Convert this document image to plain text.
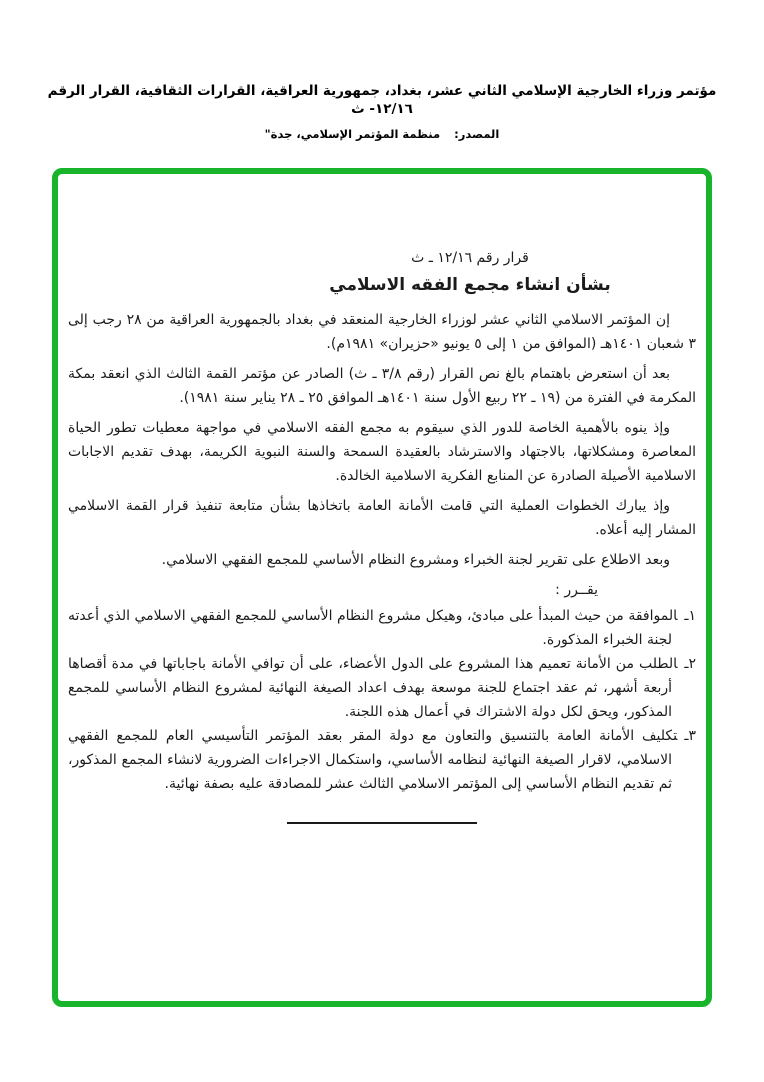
مؤتمر وزراء الخارجية الإسلامي الثاني عشر، بغداد، جمهورية العراقية، القرارات الثقافية، القرار الرقم ١٢/١٦- ث
المصدر: منظمة المؤتمر الإسلامي، جدة"
قرار رقم ١٢/١٦ ـ ث
بشأن انشاء مجمع الفقه الاسلامي

إن المؤتمر الاسلامي الثاني عشر لوزراء الخارجية المنعقد في بغداد بالجمهورية العراقية من ٢٨ رجب إلى ٣ شعبان ١٤٠١هـ (الموافق من ١ إلى ٥ يونيو «حزيران» ١٩٨١م).

بعد أن استعرض باهتمام بالغ نص القرار (رقم ٣/٨ ـ ث) الصادر عن مؤتمر القمة الثالث الذي انعقد بمكة المكرمة في الفترة من (١٩ ـ ٢٢ ربيع الأول سنة ١٤٠١هـ الموافق ٢٥ ـ ٢٨ يناير سنة ١٩٨١).

وإذ ينوه بالأهمية الخاصة للدور الذي سيقوم به مجمع الفقه الاسلامي في مواجهة معطيات تطور الحياة المعاصرة ومشكلاتها، بالاجتهاد والاسترشاد بالعقيدة السمحة والسنة النبوية الكريمة، بهدف تقديم الاجابات الاسلامية الأصيلة الصادرة عن المنابع الفكرية الاسلامية الخالدة.

وإذ يبارك الخطوات العملية التي قامت الأمانة العامة باتخاذها بشأن متابعة تنفيذ قرار القمة الاسلامي المشار إليه أعلاه.

وبعد الاطلاع على تقرير لجنة الخبراء ومشروع النظام الأساسي للمجمع الفقهي الاسلامي.

يقــرر :
١ـالموافقة من حيث المبدأ على مبادئ، وهيكل مشروع النظام الأساسي للمجمع الفقهي الاسلامي الذي أعدته لجنة الخبراء المذكورة.
٢ـالطلب من الأمانة تعميم هذا المشروع على الدول الأعضاء، على أن توافي الأمانة باجاباتها في مدة أقصاها أربعة أشهر، ثم عقد اجتماع للجنة موسعة بهدف اعداد الصيغة النهائية لمشروع النظام الأساسي للمجمع المذكور، ويحق لكل دولة الاشتراك في أعمال هذه اللجنة.
٣ـتكليف الأمانة العامة بالتنسيق والتعاون مع دولة المقر بعقد المؤتمر التأسيسي العام للمجمع الفقهي الاسلامي، لاقرار الصيغة النهائية لنظامه الأساسي، واستكمال الاجراءات الضرورية لانشاء المجمع المذكور، ثم تقديم النظام الأساسي إلى المؤتمر الاسلامي الثالث عشر للمصادقة عليه بصفة نهائية.
